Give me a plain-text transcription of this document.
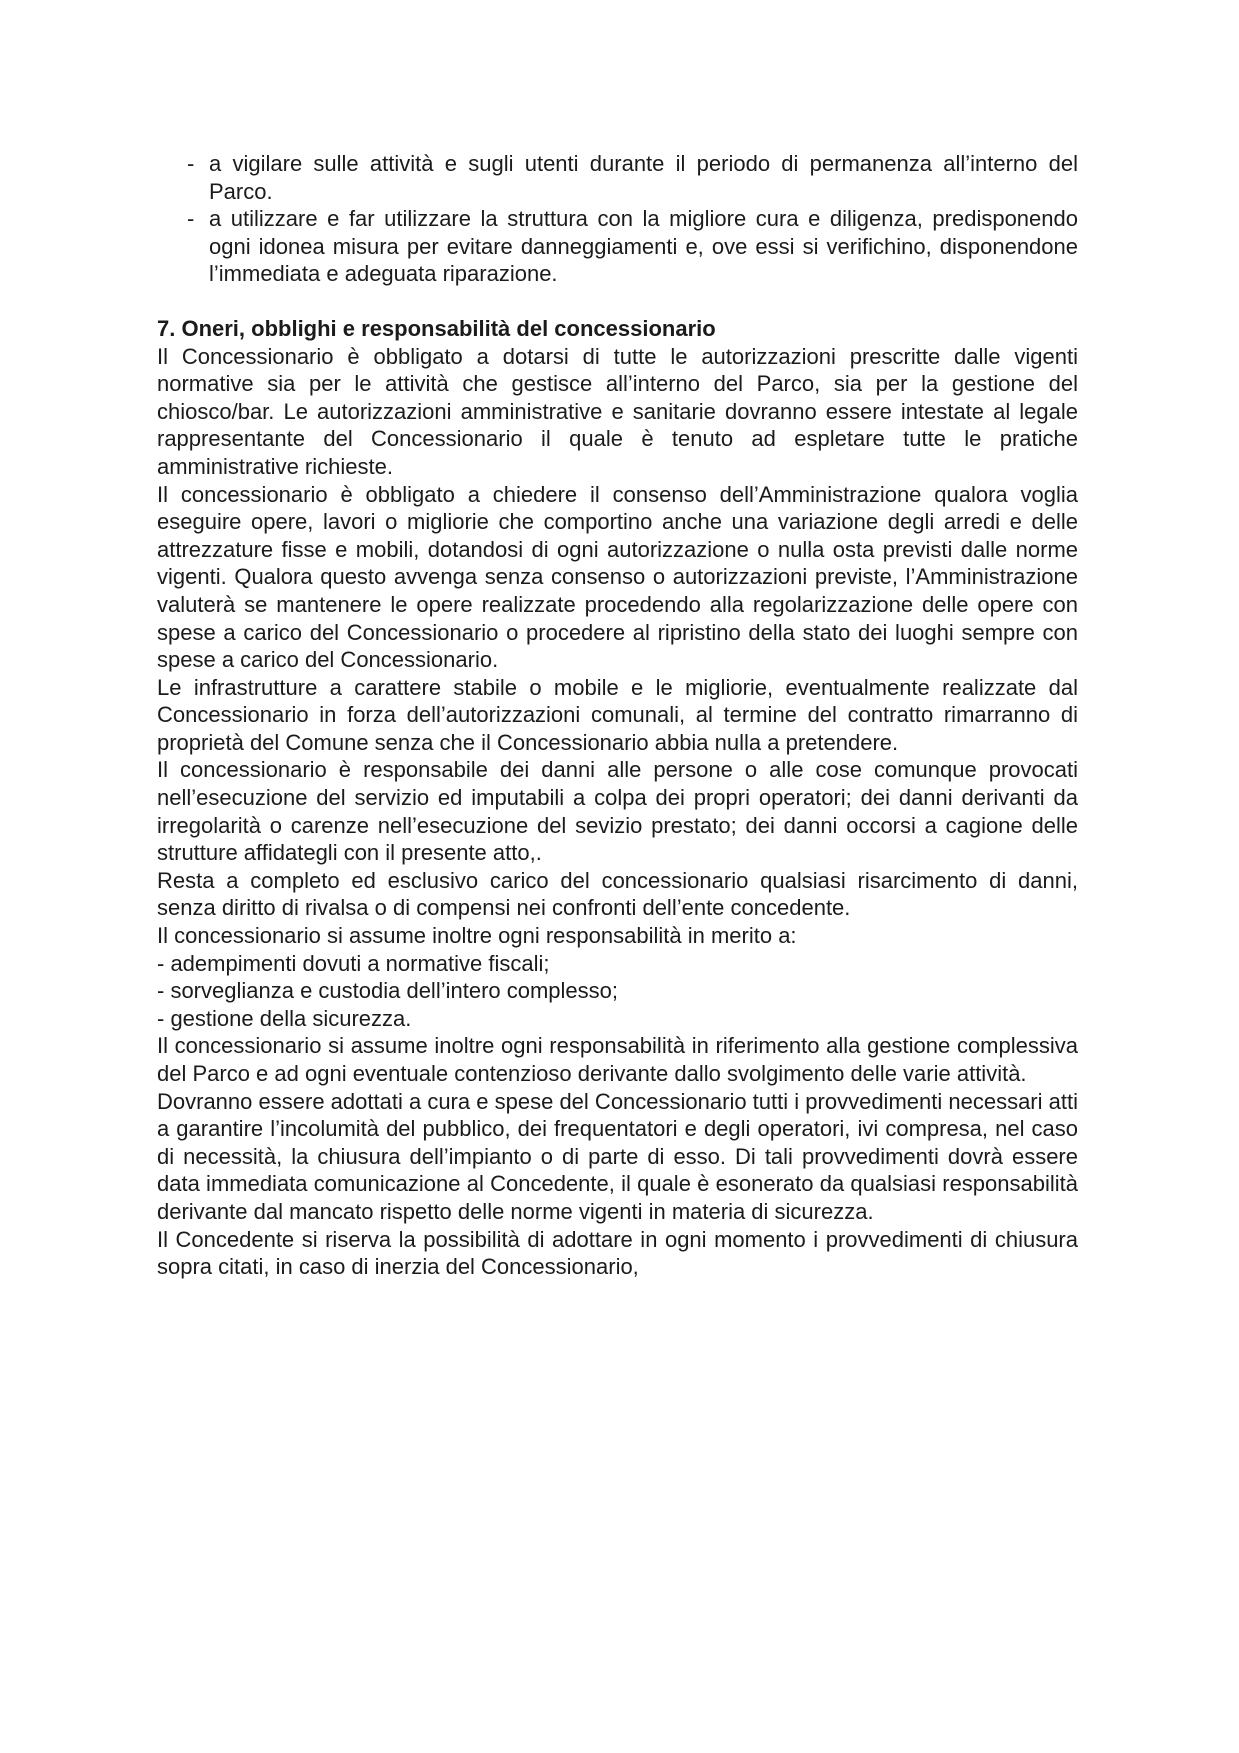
- a vigilare sulle attività e sugli utenti durante il periodo di permanenza all’interno del Parco.
- a utilizzare e far utilizzare la struttura con la migliore cura e diligenza, predisponendo ogni idonea misura per evitare danneggiamenti e, ove essi si verifichino, disponendone l’immediata e adeguata riparazione.
7. Oneri, obblighi e responsabilità del concessionario

Il Concessionario è obbligato a dotarsi di tutte le autorizzazioni prescritte dalle vigenti normative sia per le attività che gestisce all’interno del Parco, sia per la gestione del chiosco/bar. Le autorizzazioni amministrative e sanitarie dovranno essere intestate al legale rappresentante del Concessionario il quale è tenuto ad espletare tutte le pratiche amministrative richieste.

Il concessionario è obbligato a chiedere il consenso dell’Amministrazione qualora voglia eseguire opere, lavori o migliorie che comportino anche una variazione degli arredi e delle attrezzature fisse e mobili, dotandosi di ogni autorizzazione o nulla osta previsti dalle norme vigenti. Qualora questo avvenga senza consenso o autorizzazioni previste, l’Amministrazione valuterà se mantenere le opere realizzate procedendo alla regolarizzazione delle opere con spese a carico del Concessionario o procedere al ripristino della stato dei luoghi sempre con spese a carico del Concessionario.

Le infrastrutture a carattere stabile o mobile e le migliorie, eventualmente realizzate dal Concessionario in forza dell’autorizzazioni comunali, al termine del contratto rimarranno di proprietà del Comune senza che il Concessionario abbia nulla a pretendere.

Il concessionario è responsabile dei danni alle persone o alle cose comunque provocati nell’esecuzione del servizio ed imputabili a colpa dei propri operatori; dei danni derivanti da irregolarità o carenze nell’esecuzione del sevizio prestato; dei danni occorsi a cagione delle strutture affidategli con il presente atto,.

Resta a completo ed esclusivo carico del concessionario qualsiasi risarcimento di danni, senza diritto di rivalsa o di compensi nei confronti dell’ente concedente.

Il concessionario si assume inoltre ogni responsabilità in merito a:

- adempimenti dovuti a normative fiscali;

- sorveglianza e custodia dell’intero complesso;

- gestione della sicurezza.

Il concessionario si assume inoltre ogni responsabilità in riferimento alla gestione complessiva del Parco e ad ogni eventuale contenzioso derivante dallo svolgimento delle varie attività.

Dovranno essere adottati a cura e spese del Concessionario tutti i provvedimenti necessari atti a garantire l’incolumità del pubblico, dei frequentatori e degli operatori, ivi compresa, nel caso di necessità, la chiusura dell’impianto o di parte di esso. Di tali provvedimenti dovrà essere data immediata comunicazione al Concedente, il quale è esonerato da qualsiasi responsabilità derivante dal mancato rispetto delle norme vigenti in materia di sicurezza.

Il Concedente si riserva la possibilità di adottare in ogni momento i provvedimenti di chiusura sopra citati, in caso di inerzia del Concessionario,
